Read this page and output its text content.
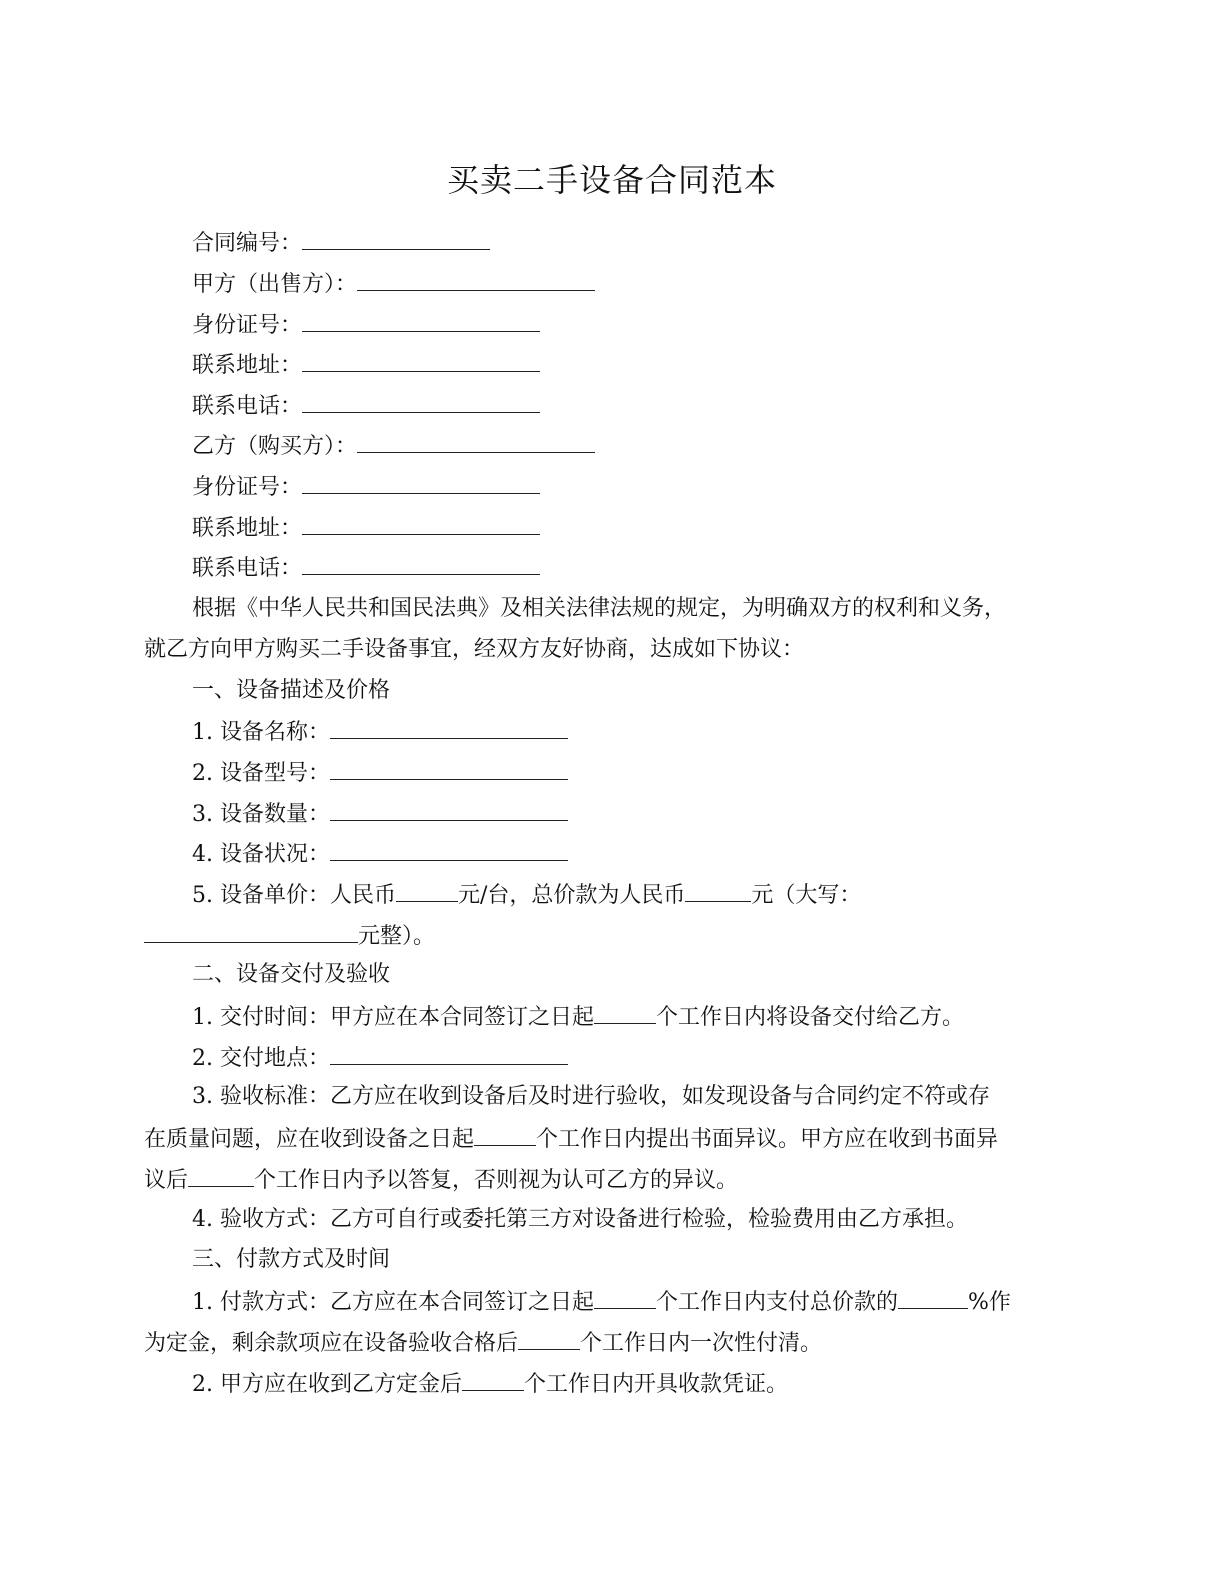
买卖二手设备合同范本
合同编号：
甲方（出售方）：
身份证号：
联系地址：
联系电话：
乙方（购买方）：
身份证号：
联系地址：
联系电话：
根据《中华人民共和国民法典》及相关法律法规的规定，为明确双方的权利和义务，
就乙方向甲方购买二手设备事宜，经双方友好协商，达成如下协议：
一、设备描述及价格
1. 设备名称：
2. 设备型号：
3. 设备数量：
4. 设备状况：
5. 设备单价：人民币	元/台，总价款为人民币	元（大写：
元整）。
二、设备交付及验收
1. 交付时间：甲方应在本合同签订之日起	个工作日内将设备交付给乙方。
2. 交付地点：
3. 验收标准：乙方应在收到设备后及时进行验收，如发现设备与合同约定不符或存
在质量问题，应在收到设备之日起	个工作日内提出书面异议。甲方应在收到书面异
议后	个工作日内予以答复，否则视为认可乙方的异议。
4. 验收方式：乙方可自行或委托第三方对设备进行检验，检验费用由乙方承担。
三、付款方式及时间
1. 付款方式：乙方应在本合同签订之日起	个工作日内支付总价款的	%作
为定金，剩余款项应在设备验收合格后	个工作日内一次性付清。
2. 甲方应在收到乙方定金后	个工作日内开具收款凭证。
